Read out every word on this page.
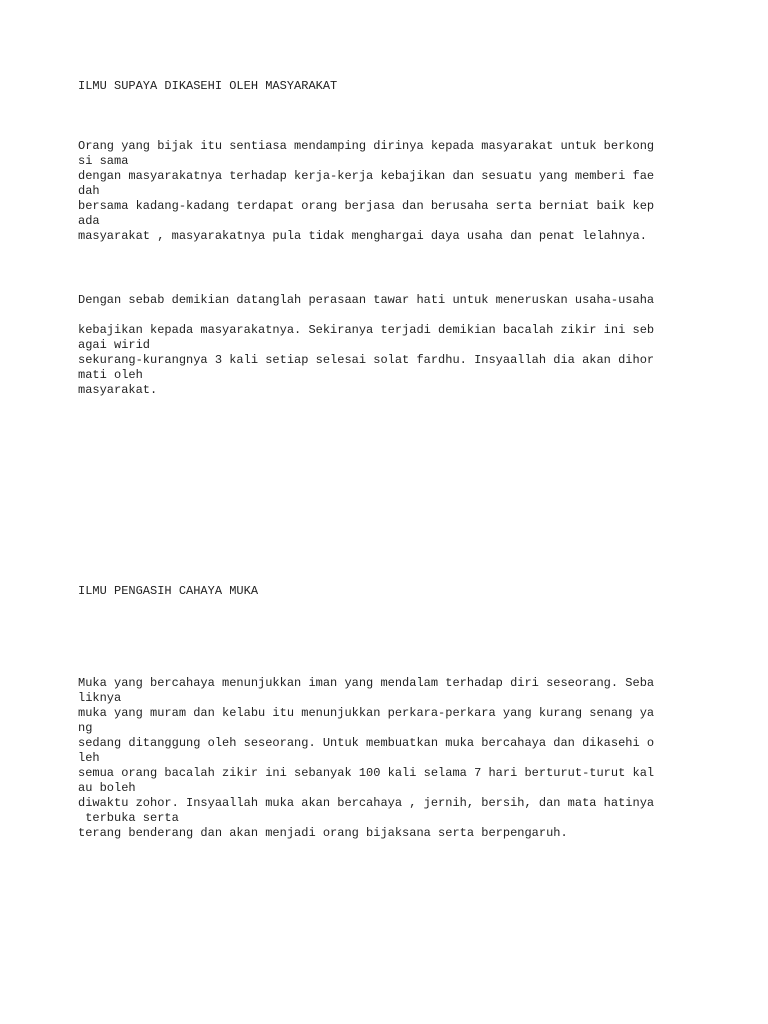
ILMU SUPAYA DIKASEHI OLEH MASYARAKAT

Orang yang bijak itu sentiasa mendamping dirinya kepada masyarakat untuk berkong
si sama
dengan masyarakatnya terhadap kerja-kerja kebajikan dan sesuatu yang memberi fae
dah
bersama kadang-kadang terdapat orang berjasa dan berusaha serta berniat baik kep
ada
masyarakat , masyarakatnya pula tidak menghargai daya usaha dan penat lelahnya.

Dengan sebab demikian datanglah perasaan tawar hati untuk meneruskan usaha-usaha

kebajikan kepada masyarakatnya. Sekiranya terjadi demikian bacalah zikir ini seb
agai wirid
sekurang-kurangnya 3 kali setiap selesai solat fardhu. Insyaallah dia akan dihor
mati oleh
masyarakat.

ILMU PENGASIH CAHAYA MUKA

Muka yang bercahaya menunjukkan iman yang mendalam terhadap diri seseorang. Seba
liknya
muka yang muram dan kelabu itu menunjukkan perkara-perkara yang kurang senang ya
ng
sedang ditanggung oleh seseorang. Untuk membuatkan muka bercahaya dan dikasehi o
leh
semua orang bacalah zikir ini sebanyak 100 kali selama 7 hari berturut-turut kal
au boleh
diwaktu zohor. Insyaallah muka akan bercahaya , jernih, bersih, dan mata hatinya
terbuka serta
terang benderang dan akan menjadi orang bijaksana serta berpengaruh.
